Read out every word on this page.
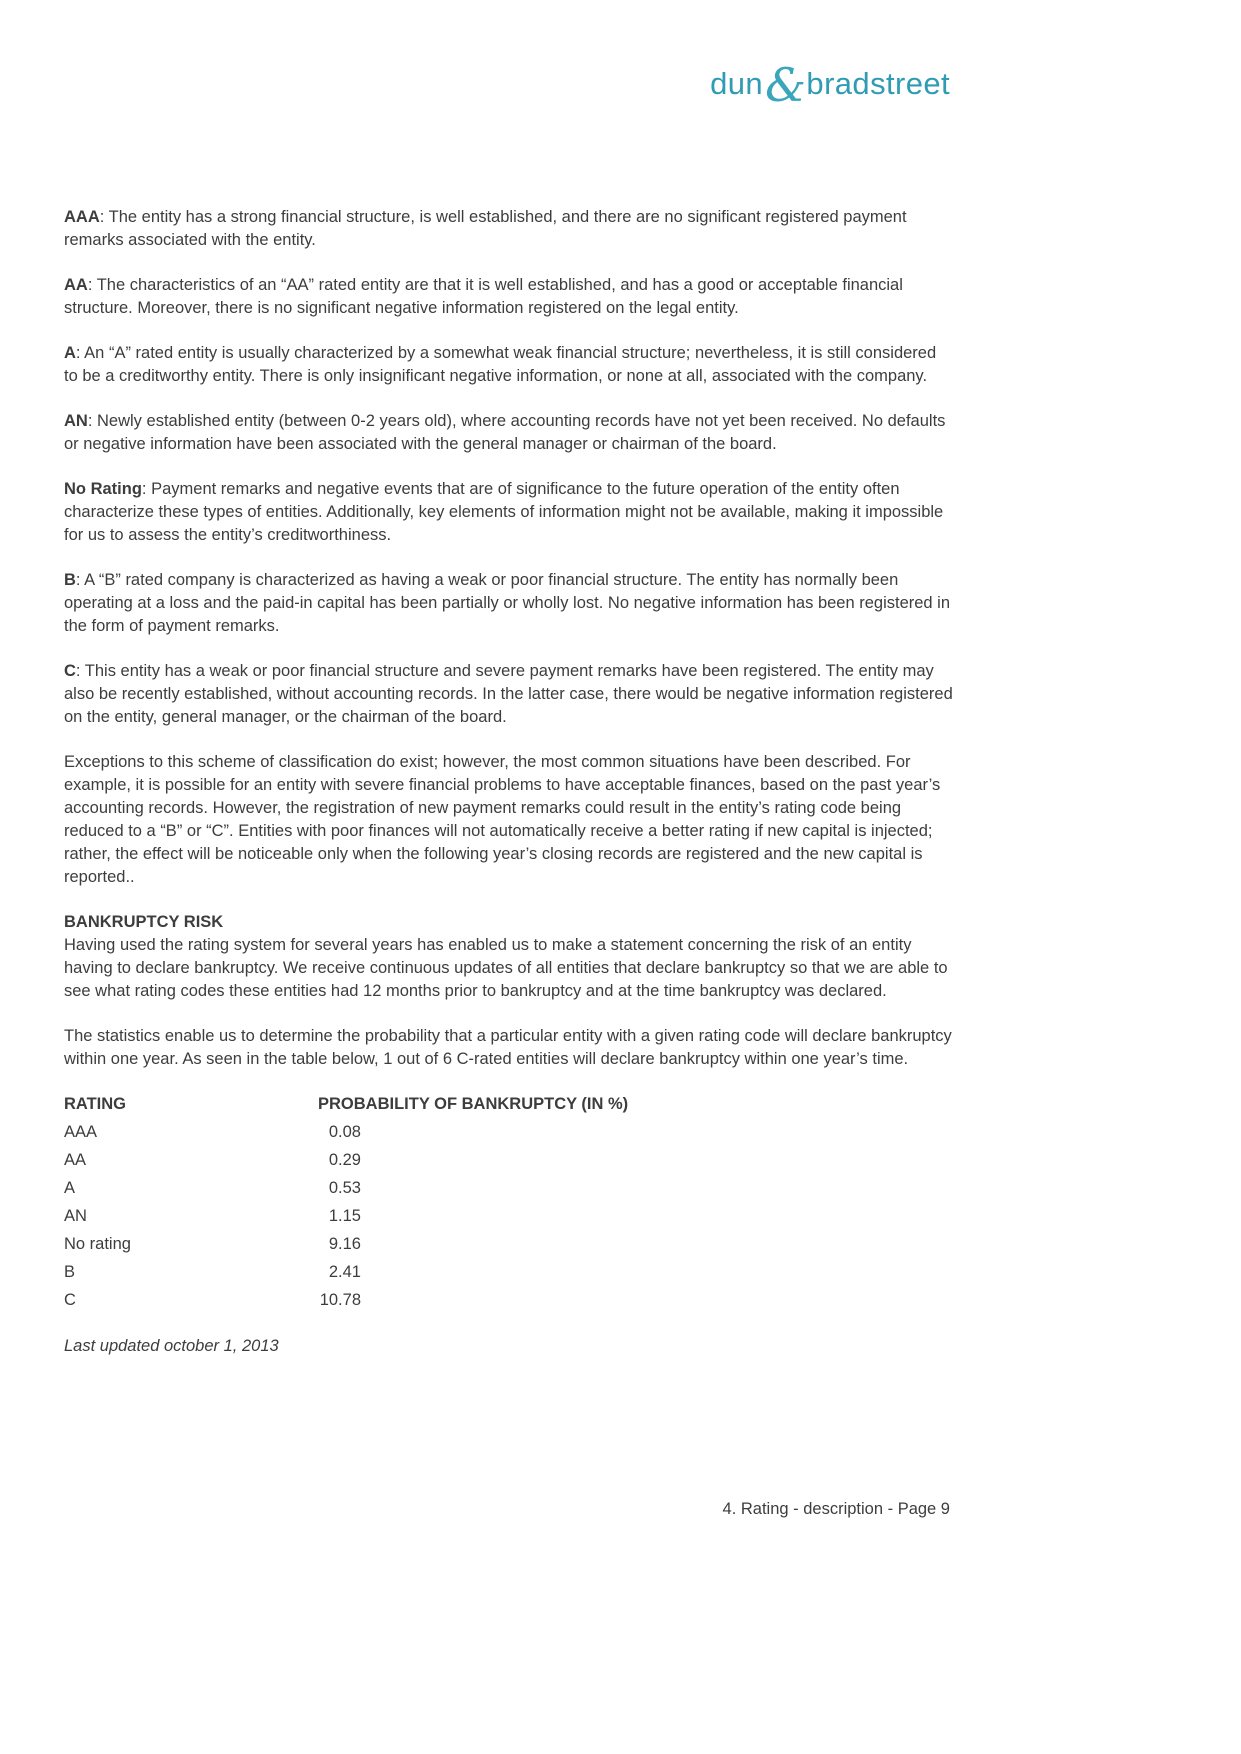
dun&bradstreet

AAA: The entity has a strong financial structure, is well established, and there are no significant registered payment remarks associated with the entity.

AA: The characteristics of an “AA” rated entity are that it is well established, and has a good or acceptable financial structure. Moreover, there is no significant negative information registered on the legal entity.

A: An “A” rated entity is usually characterized by a somewhat weak financial structure; nevertheless, it is still considered to be a creditworthy entity. There is only insignificant negative information, or none at all, associated with the company.

AN: Newly established entity (between 0-2 years old), where accounting records have not yet been received. No defaults or negative information have been associated with the general manager or chairman of the board.

No Rating: Payment remarks and negative events that are of significance to the future operation of the entity often characterize these types of entities. Additionally, key elements of information might not be available, making it impossible for us to assess the entity’s creditworthiness.

B: A “B” rated company is characterized as having a weak or poor financial structure. The entity has normally been operating at a loss and the paid-in capital has been partially or wholly lost. No negative information has been registered in the form of payment remarks.

C: This entity has a weak or poor financial structure and severe payment remarks have been registered. The entity may also be recently established, without accounting records. In the latter case, there would be negative information registered on the entity, general manager, or the chairman of the board.

Exceptions to this scheme of classification do exist; however, the most common situations have been described. For example, it is possible for an entity with severe financial problems to have acceptable finances, based on the past year’s accounting records. However, the registration of new payment remarks could result in the entity’s rating code being reduced to a “B” or “C”. Entities with poor finances will not automatically receive a better rating if new capital is injected; rather, the effect will be noticeable only when the following year’s closing records are registered and the new capital is reported..

BANKRUPTCY RISK

Having used the rating system for several years has enabled us to make a statement concerning the risk of an entity having to declare bankruptcy. We receive continuous updates of all entities that declare bankruptcy so that we are able to see what rating codes these entities had 12 months prior to bankruptcy and at the time bankruptcy was declared.

The statistics enable us to determine the probability that a particular entity with a given rating code will declare bankruptcy within one year. As seen in the table below, 1 out of 6 C-rated entities will declare bankruptcy within one year’s time.

RATING	PROBABILITY OF BANKRUPTCY (IN %)
AAA	0.08
AA	0.29
A	0.53
AN	1.15
No rating	9.16
B	2.41
C	10.78
Last updated october 1, 2013
4. Rating - description - Page 9
